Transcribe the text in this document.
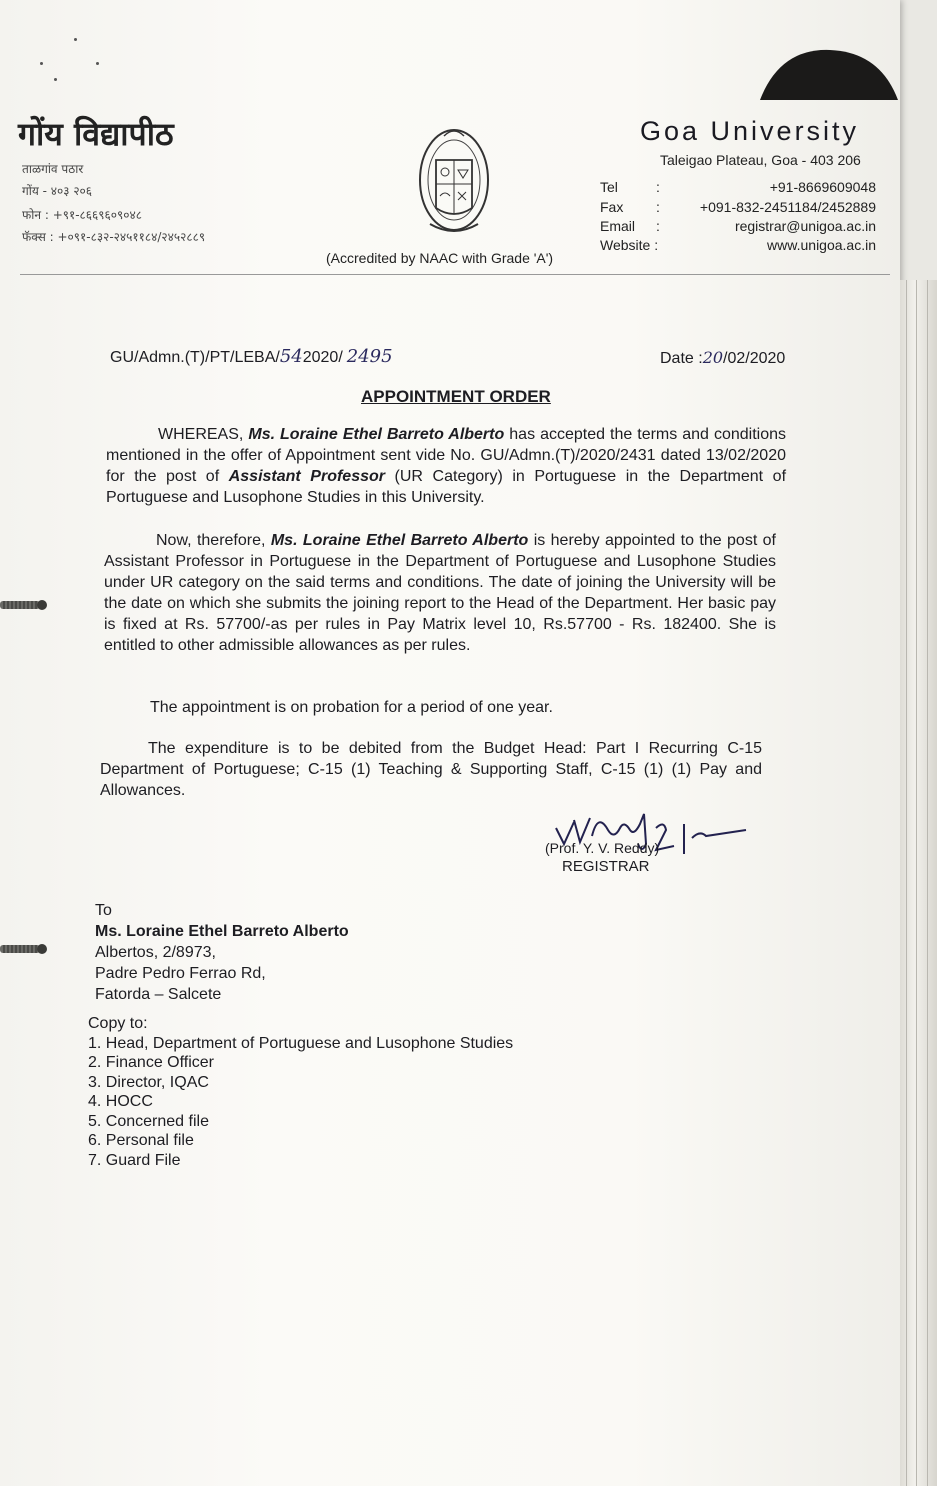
गोंय विद्यापीठ
ताळगांव पठार
गोंय - ४०३ २०६
फोन : +९१-८६६९६०९०४८
फॅक्स : +०९१-८३२-२४५११८४/२४५२८८९
Goa University
Taleigao Plateau, Goa - 403 206
Tel	:	+91-8669609048
Fax :	+091-832-2451184/2452889
Email :	registrar@unigoa.ac.in
Website :	www.unigoa.ac.in
(Accredited by NAAC with Grade 'A')
GU/Admn.(T)/PT/LEBA/542020/ 2495	Date :20/02/2020
APPOINTMENT ORDER
WHEREAS, Ms. Loraine Ethel Barreto Alberto has accepted the terms and conditions mentioned in the offer of Appointment sent vide No. GU/Admn.(T)/2020/2431 dated 13/02/2020 for the post of Assistant Professor (UR Category) in Portuguese in the Department of Portuguese and Lusophone Studies in this University.
Now, therefore, Ms. Loraine Ethel Barreto Alberto is hereby appointed to the post of Assistant Professor in Portuguese in the Department of Portuguese and Lusophone Studies under UR category on the said terms and conditions. The date of joining the University will be the date on which she submits the joining report to the Head of the Department. Her basic pay is fixed at Rs. 57700/-as per rules in Pay Matrix level 10, Rs.57700 - Rs. 182400. She is entitled to other admissible allowances as per rules.
The appointment is on probation for a period of one year.
The expenditure is to be debited from the Budget Head: Part I Recurring C-15 Department of Portuguese; C-15 (1) Teaching & Supporting Staff, C-15 (1) (1) Pay and Allowances.
(Prof. Y. V. Reddy)
REGISTRAR
To
Ms. Loraine Ethel Barreto Alberto
Albertos, 2/8973,
Padre Pedro Ferrao Rd,
Fatorda – Salcete
Copy to:
1. Head, Department of Portuguese and Lusophone Studies
2. Finance Officer
3. Director, IQAC
4. HOCC
5. Concerned file
6. Personal file
7. Guard File
